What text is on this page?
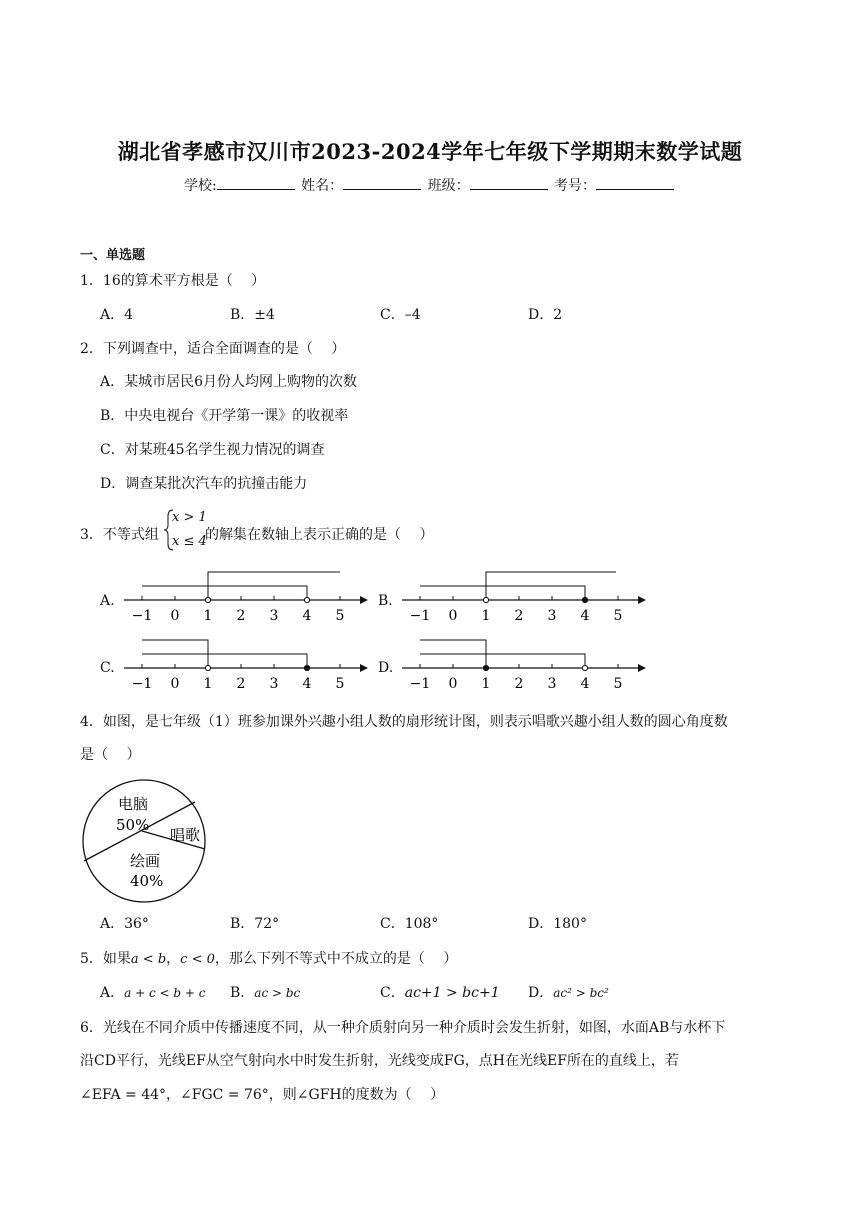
湖北省孝感市汉川市2023-2024学年七年级下学期期末数学试题
学校:	姓名：	班级：	考号：
一、单选题
1．16的算术平方根是（　 ）
A．4	B．±4	C．–4	D．2
2．下列调查中，适合全面调查的是（　 ）
A．某城市居民6月份人均网上购物的次数
B．中央电视台《开学第一课》的收视率
C．对某班45名学生视力情况的调查
D．调查某批次汽车的抗撞击能力
3．不等式组
x > 1
x ≤ 4
的解集在数轴上表示正确的是（　 ）
A.	B.
C.	D.
−1 0 1 2 3 4 5	−1 0 1 2 3 4 5
−1 0 1 2 3 4 5	−1 0 1 2 3 4 5
4．如图，是七年级（1）班参加课外兴趣小组人数的扇形统计图，则表示唱歌兴趣小组人数的圆心角度数
是（　 ）
电脑
50%
唱歌
绘画
40%
A．36°	B．72°	C．108°	D．180°
5．如果a < b，c < 0，那么下列不等式中不成立的是（　 ）
A．a + c < b + c B．ac > bc	C．ac+1 > bc+1 D．ac² > bc²
6．光线在不同介质中传播速度不同，从一种介质射向另一种介质时会发生折射，如图，水面AB与水杯下
沿CD平行，光线EF从空气射向水中时发生折射，光线变成FG，点H在光线EF所在的直线上，若
∠EFA = 44°，∠FGC = 76°，则∠GFH的度数为（　 ）
